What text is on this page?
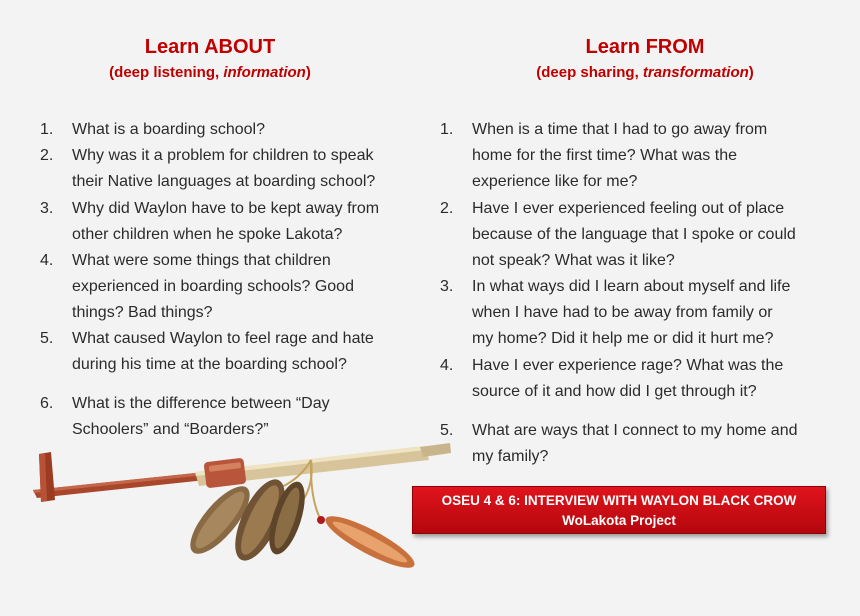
Learn ABOUT
(deep listening, information)
1.	What is a boarding school?
2.	Why was it a problem for children to speak
their Native languages at boarding school?
3.	Why did Waylon have to be kept away from
other children when he spoke Lakota?
4.	What were some things that children
experienced in boarding schools? Good
things? Bad things?
5.	What caused Waylon to feel rage and hate
during his time at the boarding school?
6.	What is the difference between “Day
Schoolers” and “Boarders?”
Learn FROM
(deep sharing, transformation)
1.	When is a time that I had to go away from
home for the first time? What was the
experience like for me?
2.	Have I ever experienced feeling out of place
because of the language that I spoke or could
not speak? What was it like?
3.	In what ways did I learn about myself and life
when I have had to be away from family or
my home? Did it help me or did it hurt me?
4.	Have I ever experience rage? What was the
source of it and how did I get through it?
5.	What are ways that I connect to my home and
my family?
OSEU 4 & 6: INTERVIEW WITH WAYLON BLACK CROW
WoLakota Project
